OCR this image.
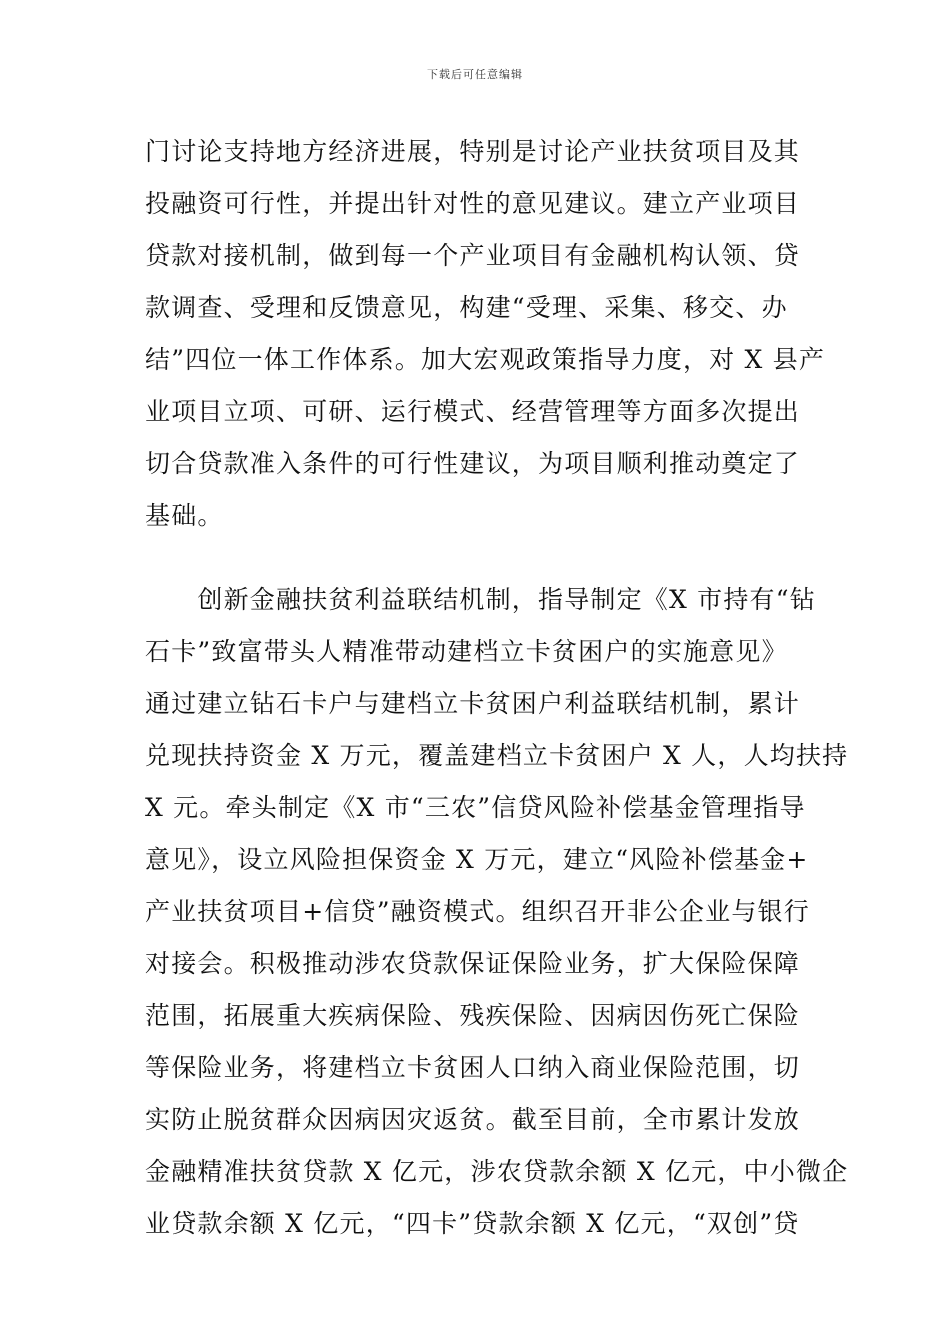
下载后可任意编辑
门讨论支持地方经济进展，特别是讨论产业扶贫项目及其
投融资可行性，并提出针对性的意见建议。建立产业项目
贷款对接机制，做到每一个产业项目有金融机构认领、贷
款调查、受理和反馈意见，构建“受理、采集、移交、办
结”四位一体工作体系。加大宏观政策指导力度，对 X 县产
业项目立项、可研、运行模式、经营管理等方面多次提出
切合贷款准入条件的可行性建议，为项目顺利推动奠定了
基础。
　　创新金融扶贫利益联结机制，指导制定《X 市持有“钻
石卡”致富带头人精准带动建档立卡贫困户的实施意见》
通过建立钻石卡户与建档立卡贫困户利益联结机制，累计
兑现扶持资金 X 万元，覆盖建档立卡贫困户 X 人，人均扶持
X 元。牵头制定《X 市“三农”信贷风险补偿基金管理指导
意见》，设立风险担保资金 X 万元，建立“风险补偿基金+
产业扶贫项目+信贷”融资模式。组织召开非公企业与银行
对接会。积极推动涉农贷款保证保险业务，扩大保险保障
范围，拓展重大疾病保险、残疾保险、因病因伤死亡保险
等保险业务，将建档立卡贫困人口纳入商业保险范围，切
实防止脱贫群众因病因灾返贫。截至目前，全市累计发放
金融精准扶贫贷款 X 亿元，涉农贷款余额 X 亿元，中小微企
业贷款余额 X 亿元，“四卡”贷款余额 X 亿元，“双创”贷
